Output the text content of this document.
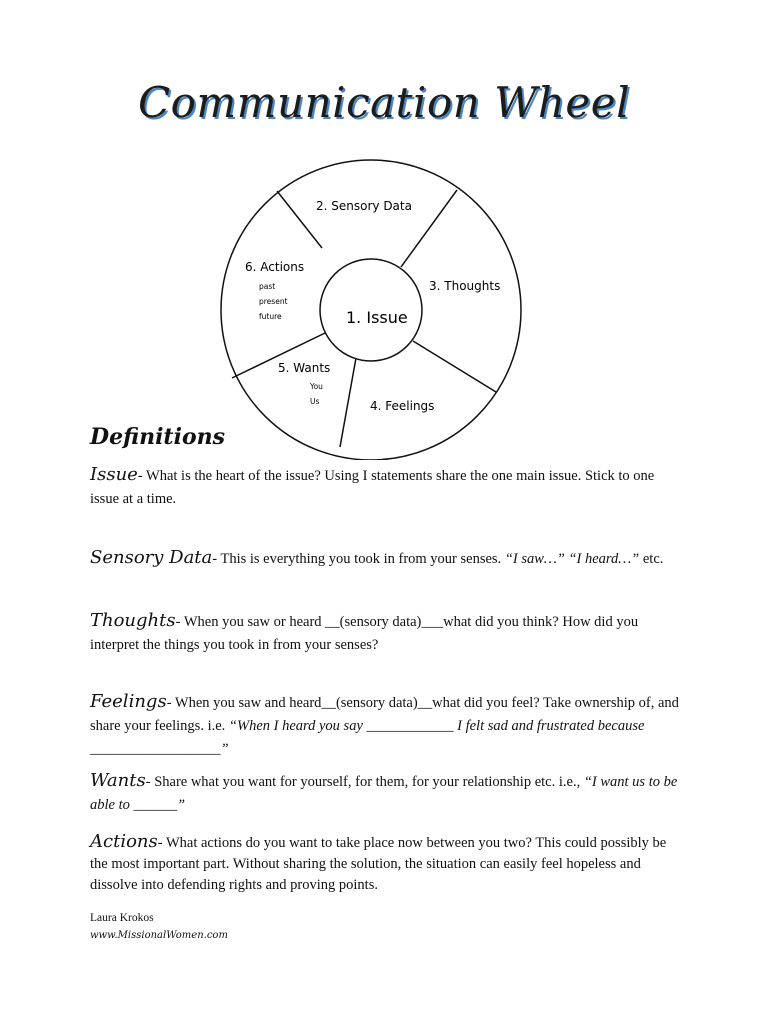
Communication Wheel
1. Issue
2. Sensory Data
3. Thoughts
4. Feelings
5. Wants
You
Us
6. Actions
past
present
future
Definitions
Issue- What is the heart of the issue? Using I statements share the one main issue. Stick to one issue at a time.
Sensory Data- This is everything you took in from your senses. “I saw…” “I heard…” etc.
Thoughts- When you saw or heard __(sensory data)___what did you think? How did you interpret the things you took in from your senses?
Feelings- When you saw and heard__(sensory data)__what did you feel? Take ownership of, and share your feelings. i.e. “When I heard you say ____________ I felt sad and frustrated because __________________”
Wants- Share what you want for yourself, for them, for your relationship etc. i.e., “I want us to be able to ______”
Actions- What actions do you want to take place now between you two? This could possibly be the most important part. Without sharing the solution, the situation can easily feel hopeless and dissolve into defending rights and proving points.
Laura Krokos
www.MissionalWomen.com
